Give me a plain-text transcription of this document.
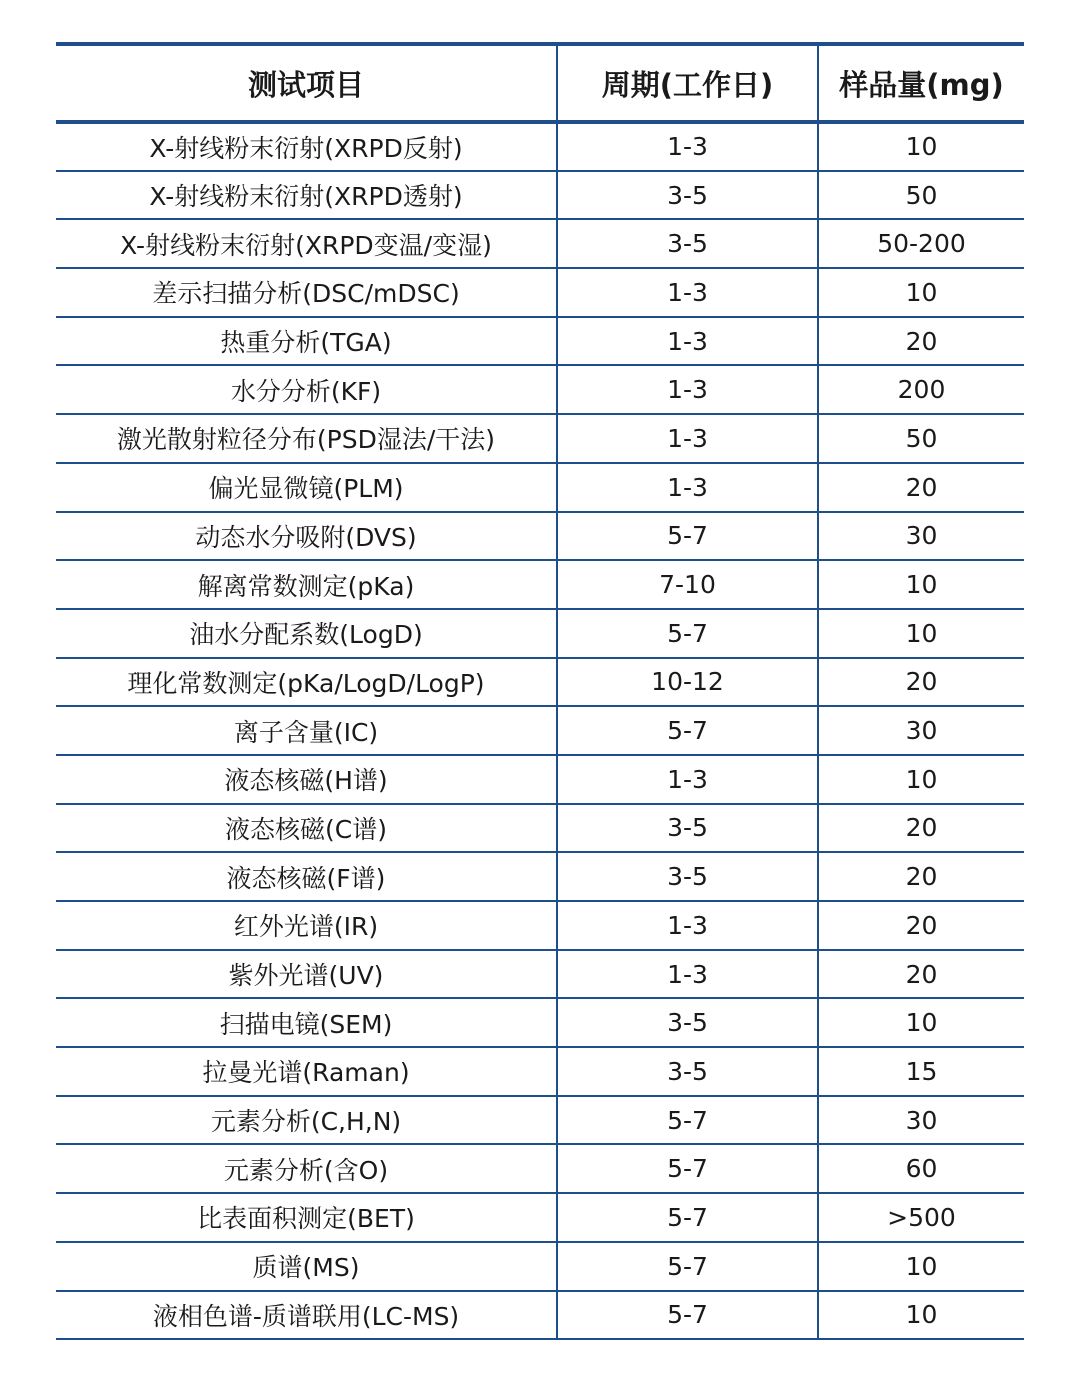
测试项目	周期(工作日)	样品量(mg)
X-射线粉末衍射(XRPD反射)	1-3	10
X-射线粉末衍射(XRPD透射)	3-5	50
X-射线粉末衍射(XRPD变温/变湿)	3-5	50-200
差示扫描分析(DSC/mDSC)	1-3	10
热重分析(TGA)	1-3	20
水分分析(KF)	1-3	200
激光散射粒径分布(PSD湿法/干法)	1-3	50
偏光显微镜(PLM)	1-3	20
动态水分吸附(DVS)	5-7	30
解离常数测定(pKa)	7-10	10
油水分配系数(LogD)	5-7	10
理化常数测定(pKa/LogD/LogP)	10-12	20
离子含量(IC)	5-7	30
液态核磁(H谱)	1-3	10
液态核磁(C谱)	3-5	20
液态核磁(F谱)	3-5	20
红外光谱(IR)	1-3	20
紫外光谱(UV)	1-3	20
扫描电镜(SEM)	3-5	10
拉曼光谱(Raman)	3-5	15
元素分析(C,H,N)	5-7	30
元素分析(含O)	5-7	60
比表面积测定(BET)	5-7	>500
质谱(MS)	5-7	10
液相色谱-质谱联用(LC-MS)	5-7	10
